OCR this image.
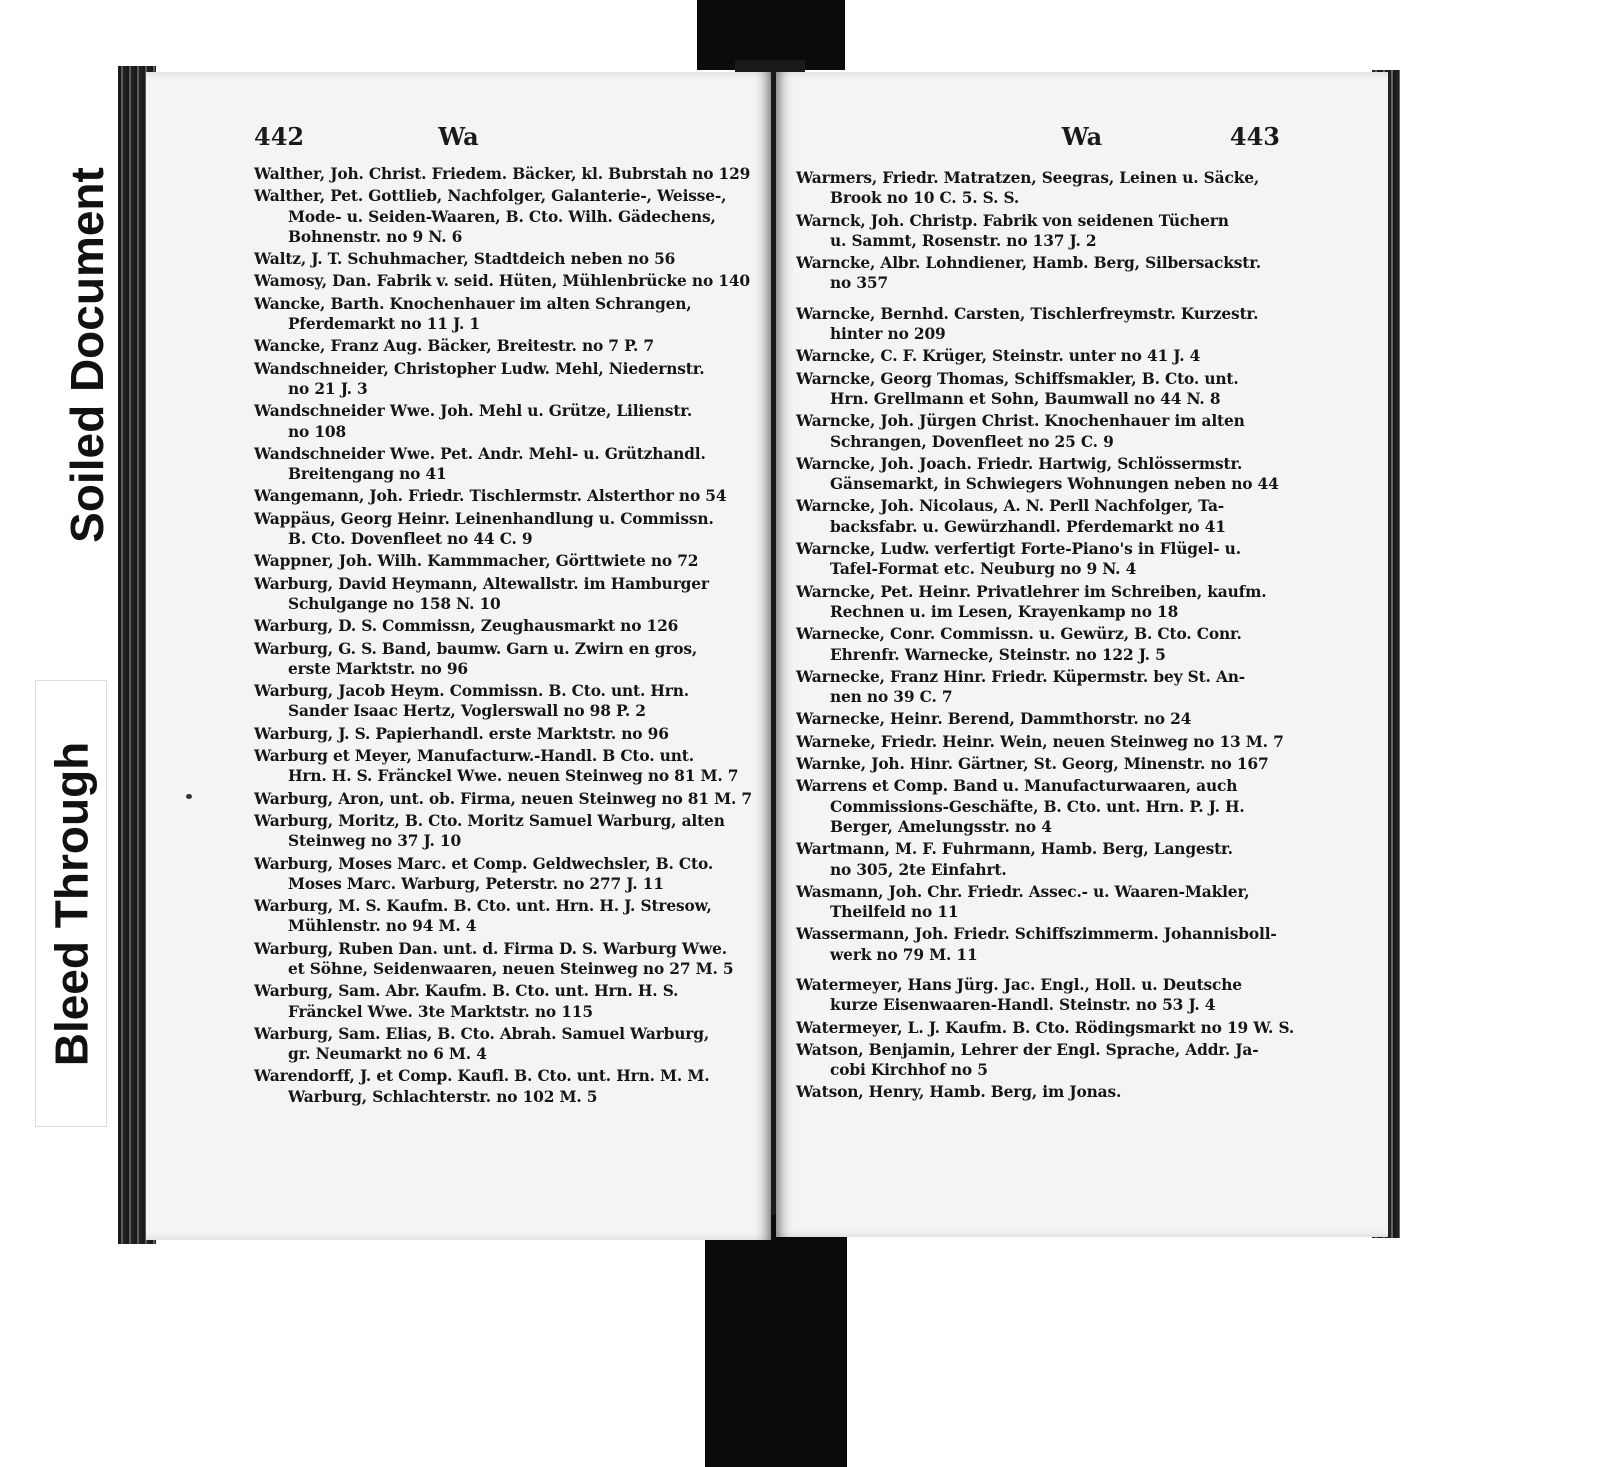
Bleed Through
Soiled Document
442	Wa
Walther, Joh. Christ. Friedem. Bäcker, kl. Bubrstah no 129
Walther, Pet. Gottlieb, Nachfolger, Galanterie-, Weisse-,
Mode- u. Seiden-Waaren, B. Cto. Wilh. Gädechens,
Bohnenstr. no 9 N. 6
Waltz, J. T. Schuhmacher, Stadtdeich neben no 56
Wamosy, Dan. Fabrik v. seid. Hüten, Mühlenbrücke no 140
Wancke, Barth. Knochenhauer im alten Schrangen,
Pferdemarkt no 11 J. 1
Wancke, Franz Aug. Bäcker, Breitestr. no 7 P. 7
Wandschneider, Christopher Ludw. Mehl, Niedernstr.
no 21 J. 3
Wandschneider Wwe. Joh. Mehl u. Grütze, Lilienstr.
no 108
Wandschneider Wwe. Pet. Andr. Mehl- u. Grützhandl.
Breitengang no 41
Wangemann, Joh. Friedr. Tischlermstr. Alsterthor no 54
Wappäus, Georg Heinr. Leinenhandlung u. Commissn.
B. Cto. Dovenfleet no 44 C. 9
Wappner, Joh. Wilh. Kammmacher, Görttwiete no 72
Warburg, David Heymann, Altewallstr. im Hamburger
Schulgange no 158 N. 10
Warburg, D. S. Commissn, Zeughausmarkt no 126
Warburg, G. S. Band, baumw. Garn u. Zwirn en gros,
erste Marktstr. no 96
Warburg, Jacob Heym. Commissn. B. Cto. unt. Hrn.
Sander Isaac Hertz, Voglerswall no 98 P. 2
Warburg, J. S. Papierhandl. erste Marktstr. no 96
Warburg et Meyer, Manufacturw.-Handl. B Cto. unt.
Hrn. H. S. Fränckel Wwe. neuen Steinweg no 81 M. 7
Warburg, Aron, unt. ob. Firma, neuen Steinweg no 81 M. 7
Warburg, Moritz, B. Cto. Moritz Samuel Warburg, alten
Steinweg no 37 J. 10
Warburg, Moses Marc. et Comp. Geldwechsler, B. Cto.
Moses Marc. Warburg, Peterstr. no 277 J. 11
Warburg, M. S. Kaufm. B. Cto. unt. Hrn. H. J. Stresow,
Mühlenstr. no 94 M. 4
Warburg, Ruben Dan. unt. d. Firma D. S. Warburg Wwe.
et Söhne, Seidenwaaren, neuen Steinweg no 27 M. 5
Warburg, Sam. Abr. Kaufm. B. Cto. unt. Hrn. H. S.
Fränckel Wwe. 3te Marktstr. no 115
Warburg, Sam. Elias, B. Cto. Abrah. Samuel Warburg,
gr. Neumarkt no 6 M. 4
Warendorff, J. et Comp. Kaufl. B. Cto. unt. Hrn. M. M.
Warburg, Schlachterstr. no 102 M. 5
Wa	443
Warmers, Friedr. Matratzen, Seegras, Leinen u. Säcke,
Brook no 10 C. 5. S. S.
Warnck, Joh. Christp. Fabrik von seidenen Tüchern
u. Sammt, Rosenstr. no 137 J. 2
Warncke, Albr. Lohndiener, Hamb. Berg, Silbersackstr.
no 357
Warncke, Bernhd. Carsten, Tischlerfreymstr. Kurzestr.
hinter no 209
Warncke, C. F. Krüger, Steinstr. unter no 41 J. 4
Warncke, Georg Thomas, Schiffsmakler, B. Cto. unt.
Hrn. Grellmann et Sohn, Baumwall no 44 N. 8
Warncke, Joh. Jürgen Christ. Knochenhauer im alten
Schrangen, Dovenfleet no 25 C. 9
Warncke, Joh. Joach. Friedr. Hartwig, Schlössermstr.
Gänsemarkt, in Schwiegers Wohnungen neben no 44
Warncke, Joh. Nicolaus, A. N. Perll Nachfolger, Ta-
backsfabr. u. Gewürzhandl. Pferdemarkt no 41
Warncke, Ludw. verfertigt Forte-Piano's in Flügel- u.
Tafel-Format etc. Neuburg no 9 N. 4
Warncke, Pet. Heinr. Privatlehrer im Schreiben, kaufm.
Rechnen u. im Lesen, Krayenkamp no 18
Warnecke, Conr. Commissn. u. Gewürz, B. Cto. Conr.
Ehrenfr. Warnecke, Steinstr. no 122 J. 5
Warnecke, Franz Hinr. Friedr. Küpermstr. bey St. An-
nen no 39 C. 7
Warnecke, Heinr. Berend, Dammthorstr. no 24
Warneke, Friedr. Heinr. Wein, neuen Steinweg no 13 M. 7
Warnke, Joh. Hinr. Gärtner, St. Georg, Minenstr. no 167
Warrens et Comp. Band u. Manufacturwaaren, auch
Commissions-Geschäfte, B. Cto. unt. Hrn. P. J. H.
Berger, Amelungsstr. no 4
Wartmann, M. F. Fuhrmann, Hamb. Berg, Langestr.
no 305, 2te Einfahrt.
Wasmann, Joh. Chr. Friedr. Assec.- u. Waaren-Makler,
Theilfeld no 11
Wassermann, Joh. Friedr. Schiffszimmerm. Johannisboll-
werk no 79 M. 11
Watermeyer, Hans Jürg. Jac. Engl., Holl. u. Deutsche
kurze Eisenwaaren-Handl. Steinstr. no 53 J. 4
Watermeyer, L. J. Kaufm. B. Cto. Rödingsmarkt no 19 W. S.
Watson, Benjamin, Lehrer der Engl. Sprache, Addr. Ja-
cobi Kirchhof no 5
Watson, Henry, Hamb. Berg, im Jonas.
